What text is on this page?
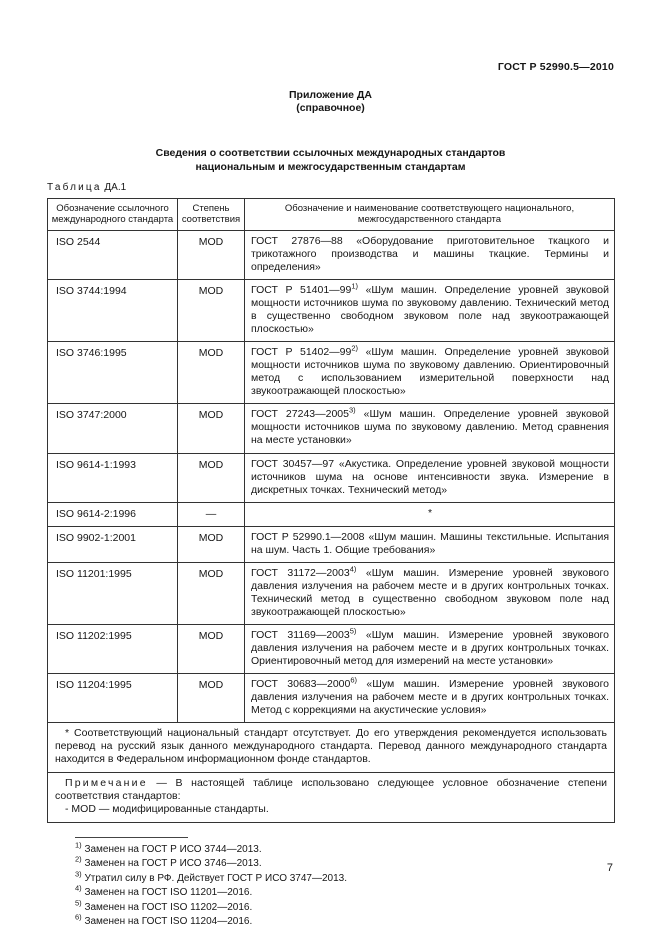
ГОСТ Р 52990.5—2010
Приложение ДА
(справочное)
Сведения о соответствии ссылочных международных стандартов
национальным и межгосударственным стандартам
Таблица ДА.1
Обозначение ссылочного международного стандарта	Степень соответствия	Обозначение и наименование соответствующего национального, межгосударственного стандарта
ISO 2544	MOD	ГОСТ 27876—88 «Оборудование приготовительное ткацкого и трикотажного производства и машины ткацкие. Термины и определения»
ISO 3744:1994	MOD	ГОСТ Р 51401—99$^{1)}$ «Шум машин. Определение уровней звуковой мощности источников шума по звуковому давлению. Технический метод в существенно свободном звуковом поле над звукоотражающей плоскостью»
ISO 3746:1995	MOD	ГОСТ Р 51402—99$^{2)}$ «Шум машин. Определение уровней звуковой мощности источников шума по звуковому давлению. Ориентировочный метод с использованием измерительной поверхности над звукоотражающей плоскостью»
ISO 3747:2000	MOD	ГОСТ 27243—2005$^{3)}$ «Шум машин. Определение уровней звуковой мощности источников шума по звуковому давлению. Метод сравнения на месте установки»
ISO 9614-1:1993	MOD	ГОСТ 30457—97 «Акустика. Определение уровней звуковой мощности источников шума на основе интенсивности звука. Измерение в дискретных точках. Технический метод»
ISO 9614-2:1996	—	*
ISO 9902-1:2001	MOD	ГОСТ Р 52990.1—2008 «Шум машин. Машины текстильные. Испытания на шум. Часть 1. Общие требования»
ISO 11201:1995	MOD	ГОСТ 31172—2003$^{4)}$ «Шум машин. Измерение уровней звукового давления излучения на рабочем месте и в других контрольных точках. Технический метод в существенно свободном звуковом поле над звукоотражающей плоскостью»
ISO 11202:1995	MOD	ГОСТ 31169—2003$^{5)}$ «Шум машин. Измерение уровней звукового давления излучения на рабочем месте и в других контрольных точках. Ориентировочный метод для измерений на месте установки»
ISO 11204:1995	MOD	ГОСТ 30683—2000$^{6)}$ «Шум машин. Измерение уровней звукового давления излучения на рабочем месте и в других контрольных точках. Метод с коррекциями на акустические условия»

* Соответствующий национальный стандарт отсутствует. До его утверждения рекомендуется использовать перевод на русский язык данного международного стандарта. Перевод данного международного стандарта находится в Федеральном информационном фонде стандартов.		

Примечание — В настоящей таблице использовано следующее условное обозначение степени соответствия стандартов:
- MOD — модифицированные стандарты.		
$^{1)}$ Заменен на ГОСТ Р ИСО 3744—2013.
$^{2)}$ Заменен на ГОСТ Р ИСО 3746—2013.
$^{3)}$ Утратил силу в РФ. Действует ГОСТ Р ИСО 3747—2013.
$^{4)}$ Заменен на ГОСТ ISO 11201—2016.
$^{5)}$ Заменен на ГОСТ ISO 11202—2016.
$^{6)}$ Заменен на ГОСТ ISO 11204—2016.
7
